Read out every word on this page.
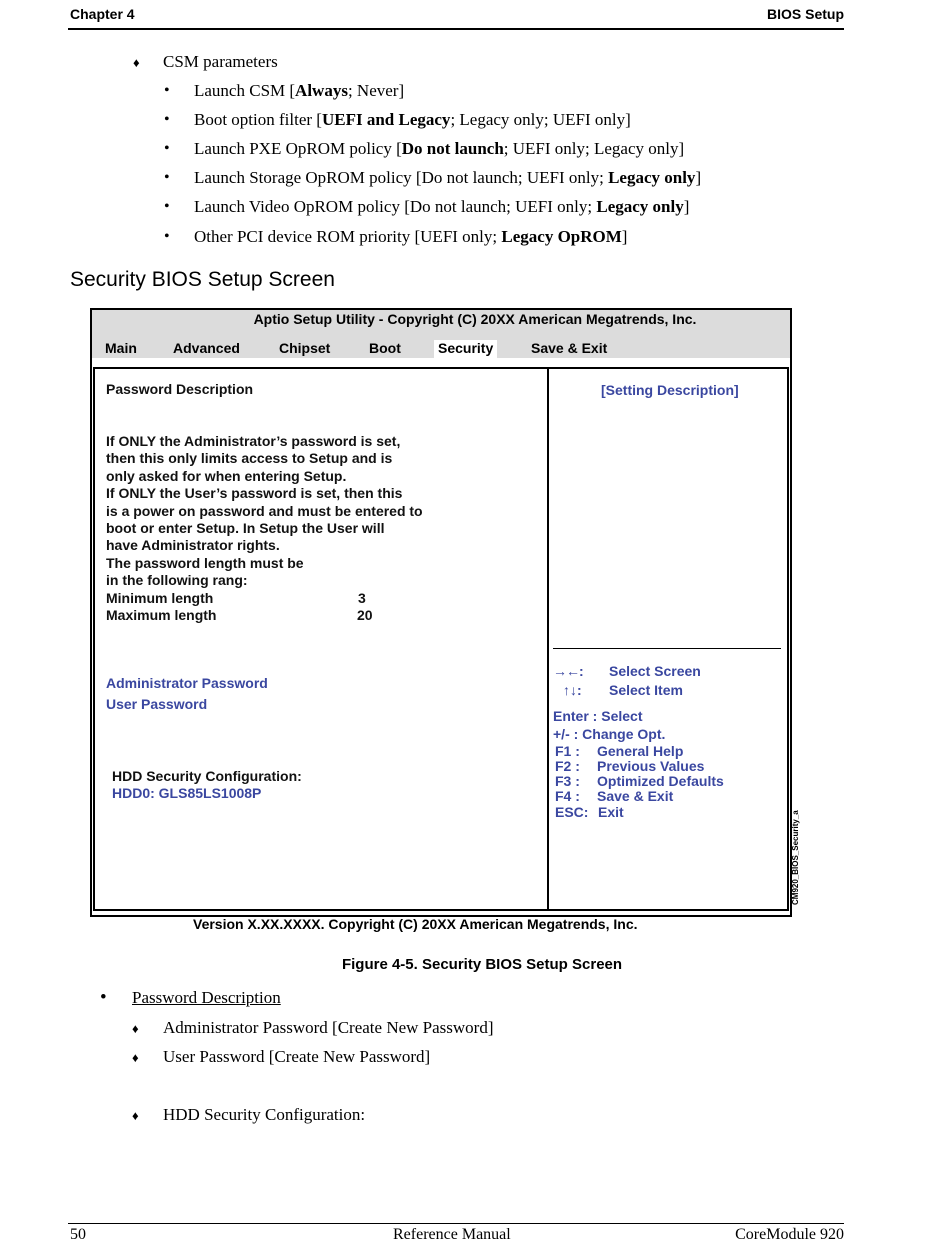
Chapter 4	BIOS Setup
♦ CSM parameters
• Launch CSM [Always; Never]
• Boot option filter [UEFI and Legacy; Legacy only; UEFI only]
• Launch PXE OpROM policy [Do not launch; UEFI only; Legacy only]
• Launch Storage OpROM policy [Do not launch; UEFI only; Legacy only]
• Launch Video OpROM policy [Do not launch; UEFI only; Legacy only]
• Other PCI device ROM priority [UEFI only; Legacy OpROM]
Security BIOS Setup Screen
Aptio Setup Utility - Copyright (C) 20XX American Megatrends, Inc.
Main	Advanced	Chipset	Boot	Security	Save & Exit
Password Description
If ONLY the Administrator’s password is set,
then this only limits access to Setup and is
only asked for when entering Setup.
If ONLY the User’s password is set, then this
is a power on password and must be entered to
boot or enter Setup. In Setup the User will
have Administrator rights.
The password length must be
in the following rang:
Minimum length	3
Maximum length	20
Administrator Password
User Password
HDD Security Configuration:
HDD0: GLS85LS1008P
[Setting Description]
→←: Select Screen
↑↓: Select Item
Enter : Select
+/- : Change Opt.
F1 : General Help
F2 : Previous Values
F3 : Optimized Defaults
F4 : Save & Exit
ESC: Exit	CM920_BIOS_Security_a
Version X.XX.XXXX. Copyright (C) 20XX American Megatrends, Inc.
Figure 4-5. Security BIOS Setup Screen
• Password Description
♦ Administrator Password [Create New Password]
♦ User Password [Create New Password]
♦ HDD Security Configuration:
50	Reference Manual	CoreModule 920
